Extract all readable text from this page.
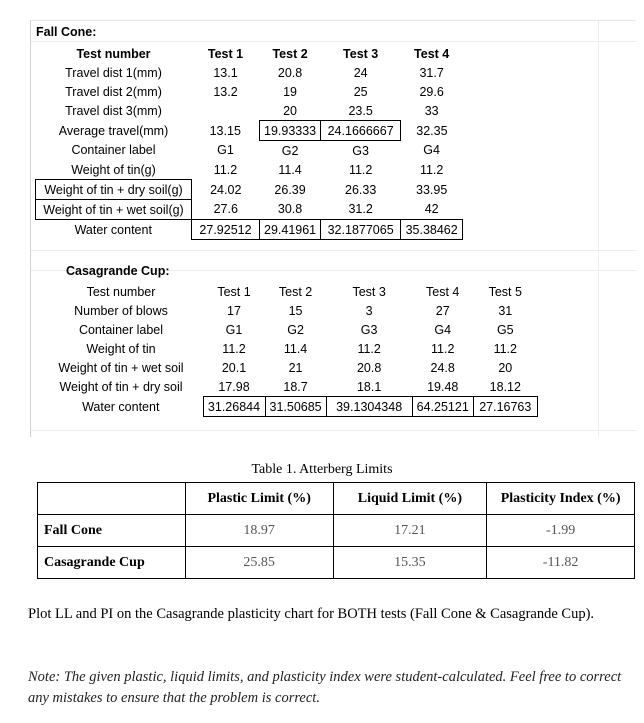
Fall Cone:
Test number	Test 1	Test 2	Test 3	Test 4
Travel dist 1(mm)	13.1	20.8	24	31.7
Travel dist 2(mm)	13.2	19	25	29.6
Travel dist 3(mm)		20	23.5	33
Average travel(mm)	13.15	19.93333	24.1666667	32.35
Container label	G1	G2	G3	G4
Weight of tin(g)	11.2	11.4	11.2	11.2
Weight of tin + dry soil(g)	24.02	26.39	26.33	33.95
Weight of tin + wet soil(g)	27.6	30.8	31.2	42
Water content	27.92512	29.41961	32.1877065	35.38462
Casagrande Cup:
Test number	Test 1	Test 2	Test 3	Test 4	Test 5
Number of blows	17	15	3	27	31
Container label	G1	G2	G3	G4	G5
Weight of tin	11.2	11.4	11.2	11.2	11.2
Weight of tin + wet soil	20.1	21	20.8	24.8	20
Weight of tin + dry soil	17.98	18.7	18.1	19.48	18.12
Water content	31.26844	31.50685	39.1304348	64.25121	27.16763
Table 1. Atterberg Limits
	Plastic Limit (%)	Liquid Limit (%)	Plasticity Index (%)
Fall Cone	18.97	17.21	-1.99
Casagrande Cup	25.85	15.35	-11.82
Plot LL and PI on the Casagrande plasticity chart for BOTH tests (Fall Cone & Casagrande Cup).
Note: The given plastic, liquid limits, and plasticity index were student-calculated. Feel free to correct any mistakes to ensure that the problem is correct.
